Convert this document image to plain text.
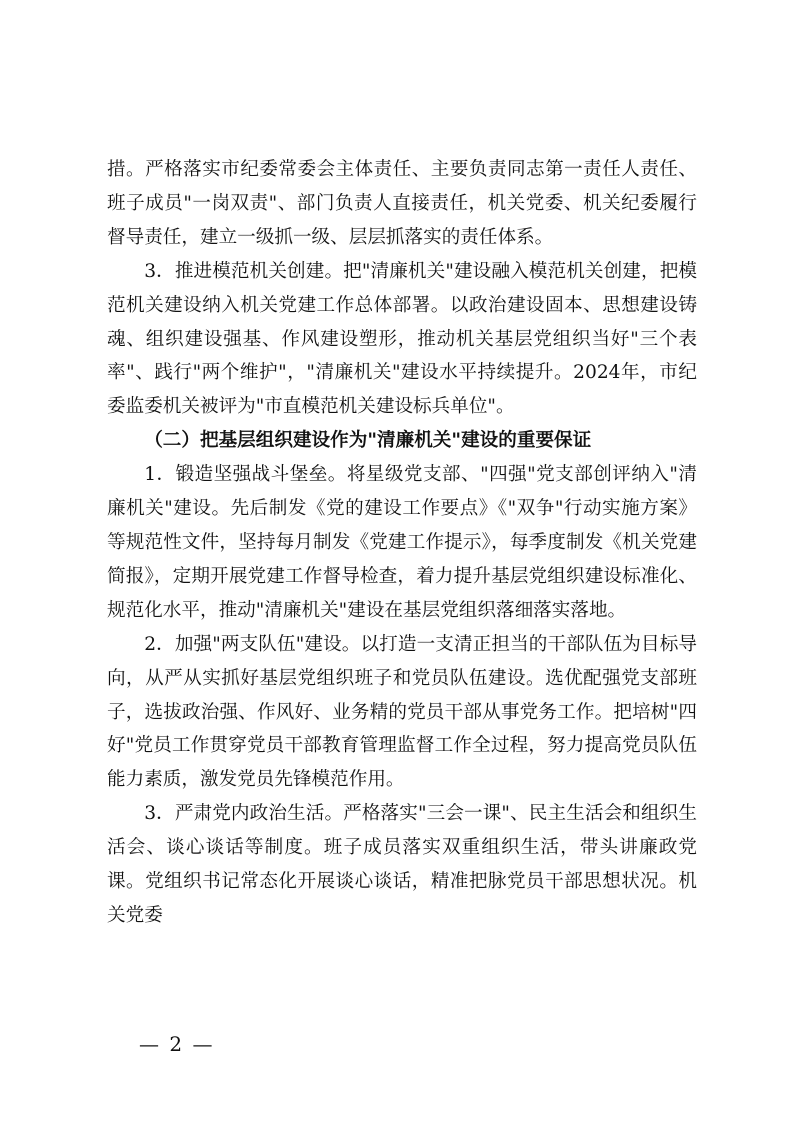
措。严格落实市纪委常委会主体责任、主要负责同志第一责任人责任、班子成员"一岗双责"、部门负责人直接责任，机关党委、机关纪委履行督导责任，建立一级抓一级、层层抓落实的责任体系。

3．推进模范机关创建。把"清廉机关"建设融入模范机关创建，把模范机关建设纳入机关党建工作总体部署。以政治建设固本、思想建设铸魂、组织建设强基、作风建设塑形，推动机关基层党组织当好"三个表率"、践行"两个维护"，"清廉机关"建设水平持续提升。2024年，市纪委监委机关被评为"市直模范机关建设标兵单位"。

（二）把基层组织建设作为"清廉机关"建设的重要保证

1．锻造坚强战斗堡垒。将星级党支部、"四强"党支部创评纳入"清廉机关"建设。先后制发《党的建设工作要点》《"双争"行动实施方案》等规范性文件，坚持每月制发《党建工作提示》，每季度制发《机关党建简报》，定期开展党建工作督导检查，着力提升基层党组织建设标准化、规范化水平，推动"清廉机关"建设在基层党组织落细落实落地。

2．加强"两支队伍"建设。以打造一支清正担当的干部队伍为目标导向，从严从实抓好基层党组织班子和党员队伍建设。选优配强党支部班子，选拔政治强、作风好、业务精的党员干部从事党务工作。把培树"四好"党员工作贯穿党员干部教育管理监督工作全过程，努力提高党员队伍能力素质，激发党员先锋模范作用。

3．严肃党内政治生活。严格落实"三会一课"、民主生活会和组织生活会、谈心谈话等制度。班子成员落实双重组织生活，带头讲廉政党课。党组织书记常态化开展谈心谈话，精准把脉党员干部思想状况。机关党委

— 2 —
